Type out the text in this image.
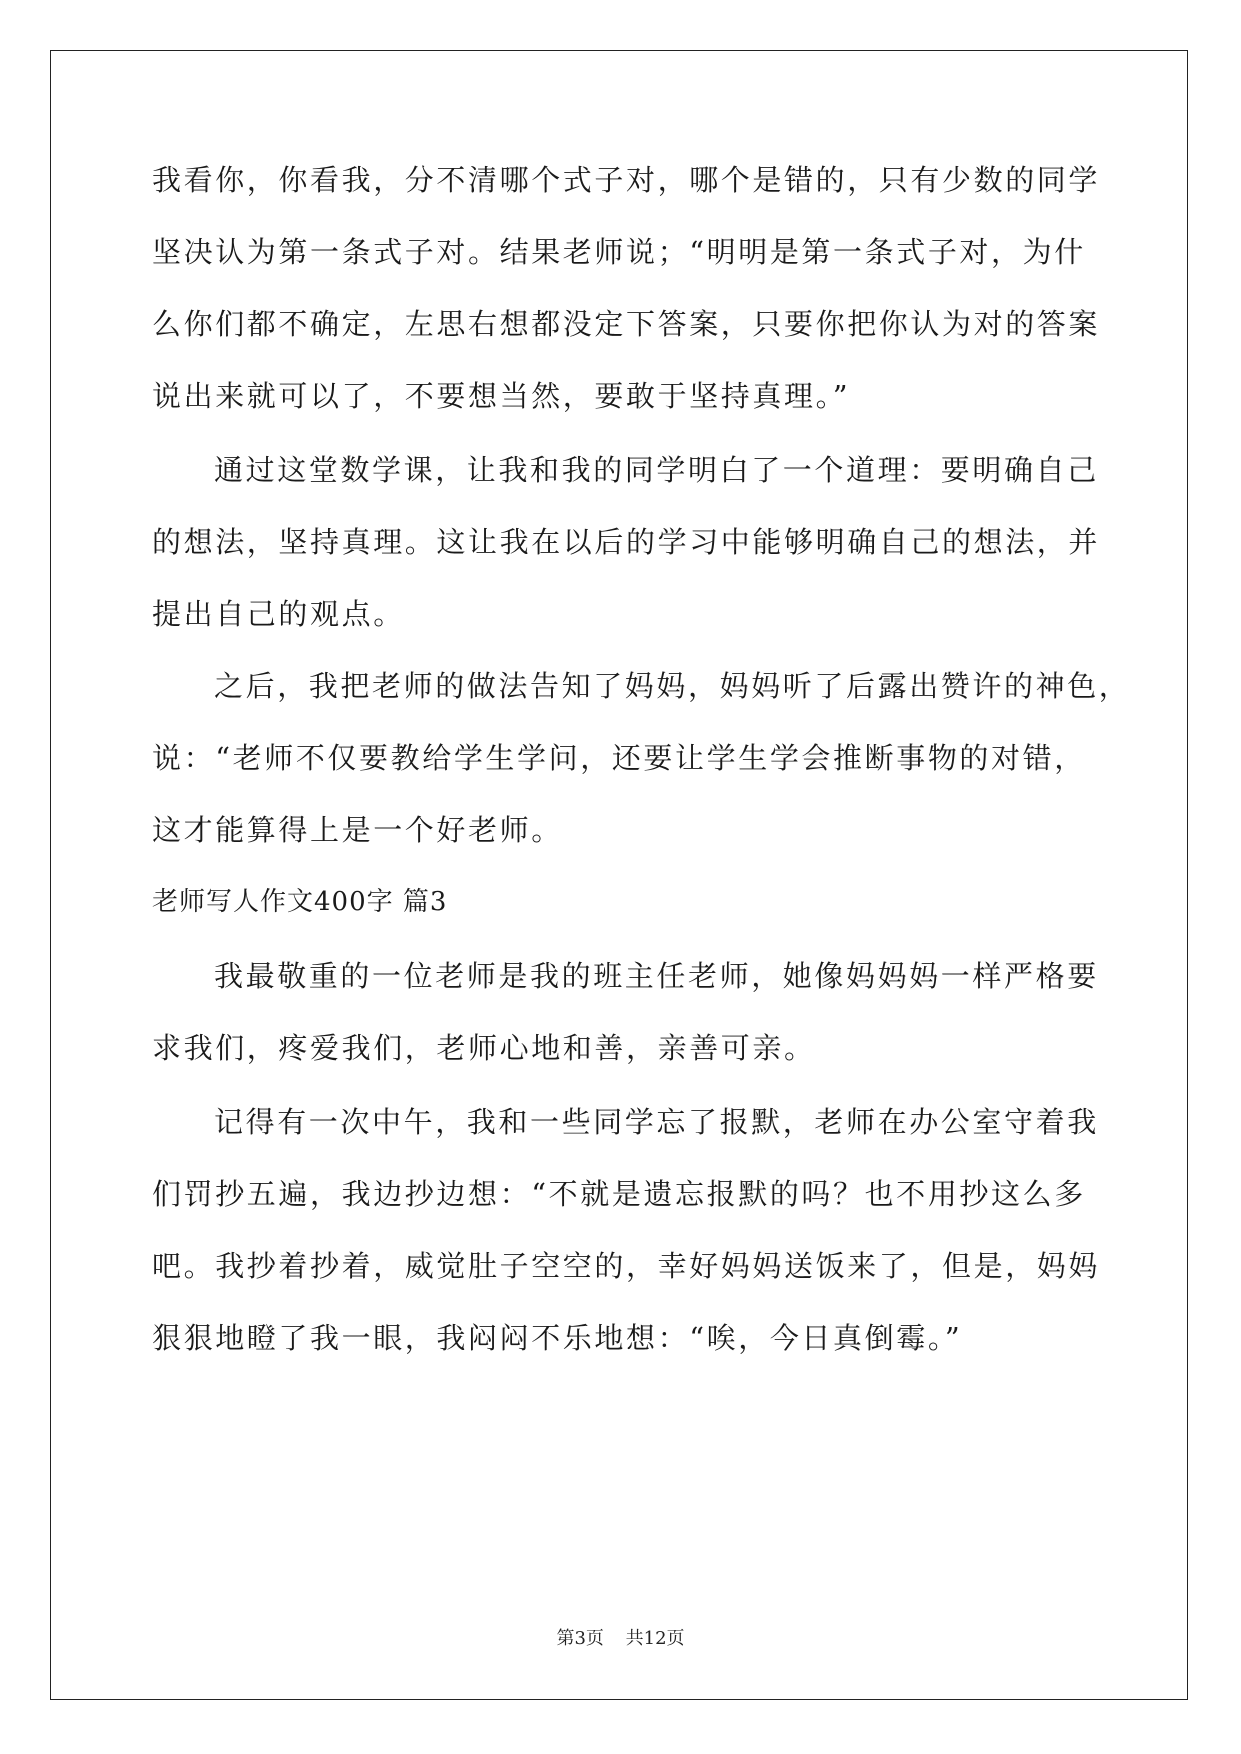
我看你，你看我，分不清哪个式子对，哪个是错的，只有少数的同学
坚决认为第一条式子对。结果老师说；“明明是第一条式子对，为什
么你们都不确定，左思右想都没定下答案，只要你把你认为对的答案
说出来就可以了，不要想当然，要敢于坚持真理。”
通过这堂数学课，让我和我的同学明白了一个道理：要明确自己
的想法，坚持真理。这让我在以后的学习中能够明确自己的想法，并
提出自己的观点。
之后，我把老师的做法告知了妈妈，妈妈听了后露出赞许的神色，
说：“老师不仅要教给学生学问，还要让学生学会推断事物的对错，
这才能算得上是一个好老师。
老师写人作文400字 篇3
我最敬重的一位老师是我的班主任老师，她像妈妈妈一样严格要
求我们，疼爱我们，老师心地和善，亲善可亲。
记得有一次中午，我和一些同学忘了报默，老师在办公室守着我
们罚抄五遍，我边抄边想：“不就是遗忘报默的吗？也不用抄这么多
吧。我抄着抄着，威觉肚子空空的，幸好妈妈送饭来了，但是，妈妈
狠狠地瞪了我一眼，我闷闷不乐地想：“唉，今日真倒霉。”
第3页 共12页
